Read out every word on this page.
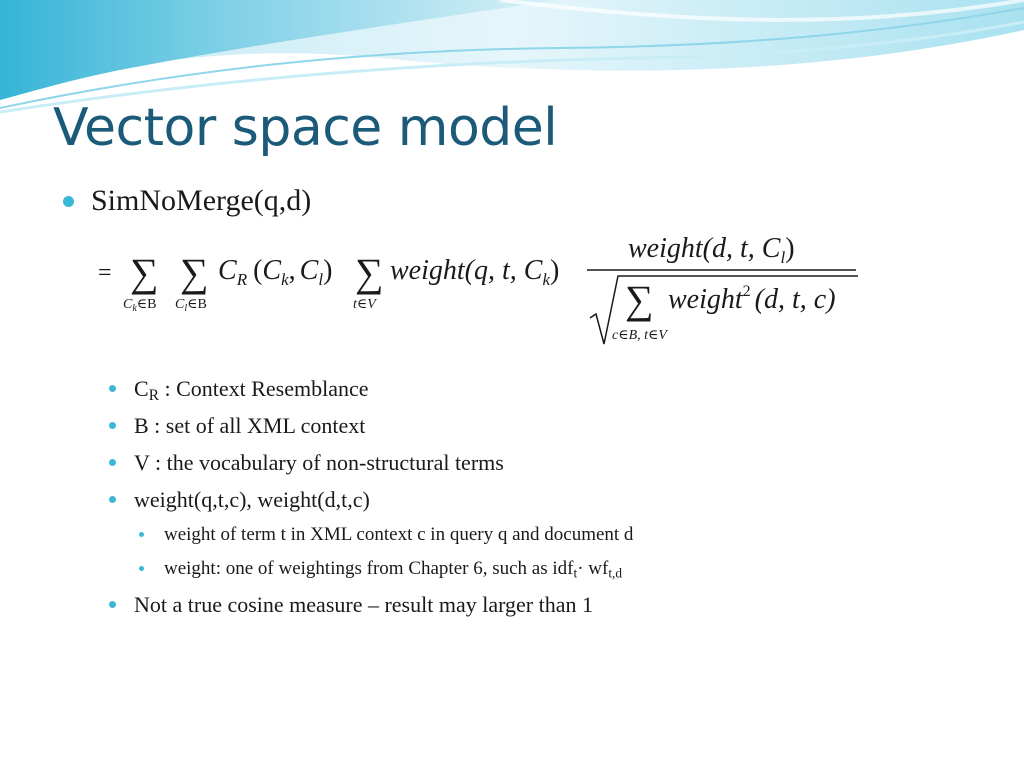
Vector space model
SimNoMerge(q,d)
= ∑
$C_k\in B$
∑
$C_l\in B$
$C_R$ ($C_k$, $C_l$) ∑
t∈V
weight(q, t, $C_k$)
weight(d, t, $C_l$)
∑ weight$^2$ (d, t, c)
c∈B, t∈V
$C_R$ : Context Resemblance
B : set of all XML context
V : the vocabulary of non-structural terms
weight(q,t,c), weight(d,t,c)
weight of term t in XML context c in query q and document d
weight: one of weightings from Chapter 6, such as $idf_t\cdot wf_{t,d}$
Not a true cosine measure – result may larger than 1
